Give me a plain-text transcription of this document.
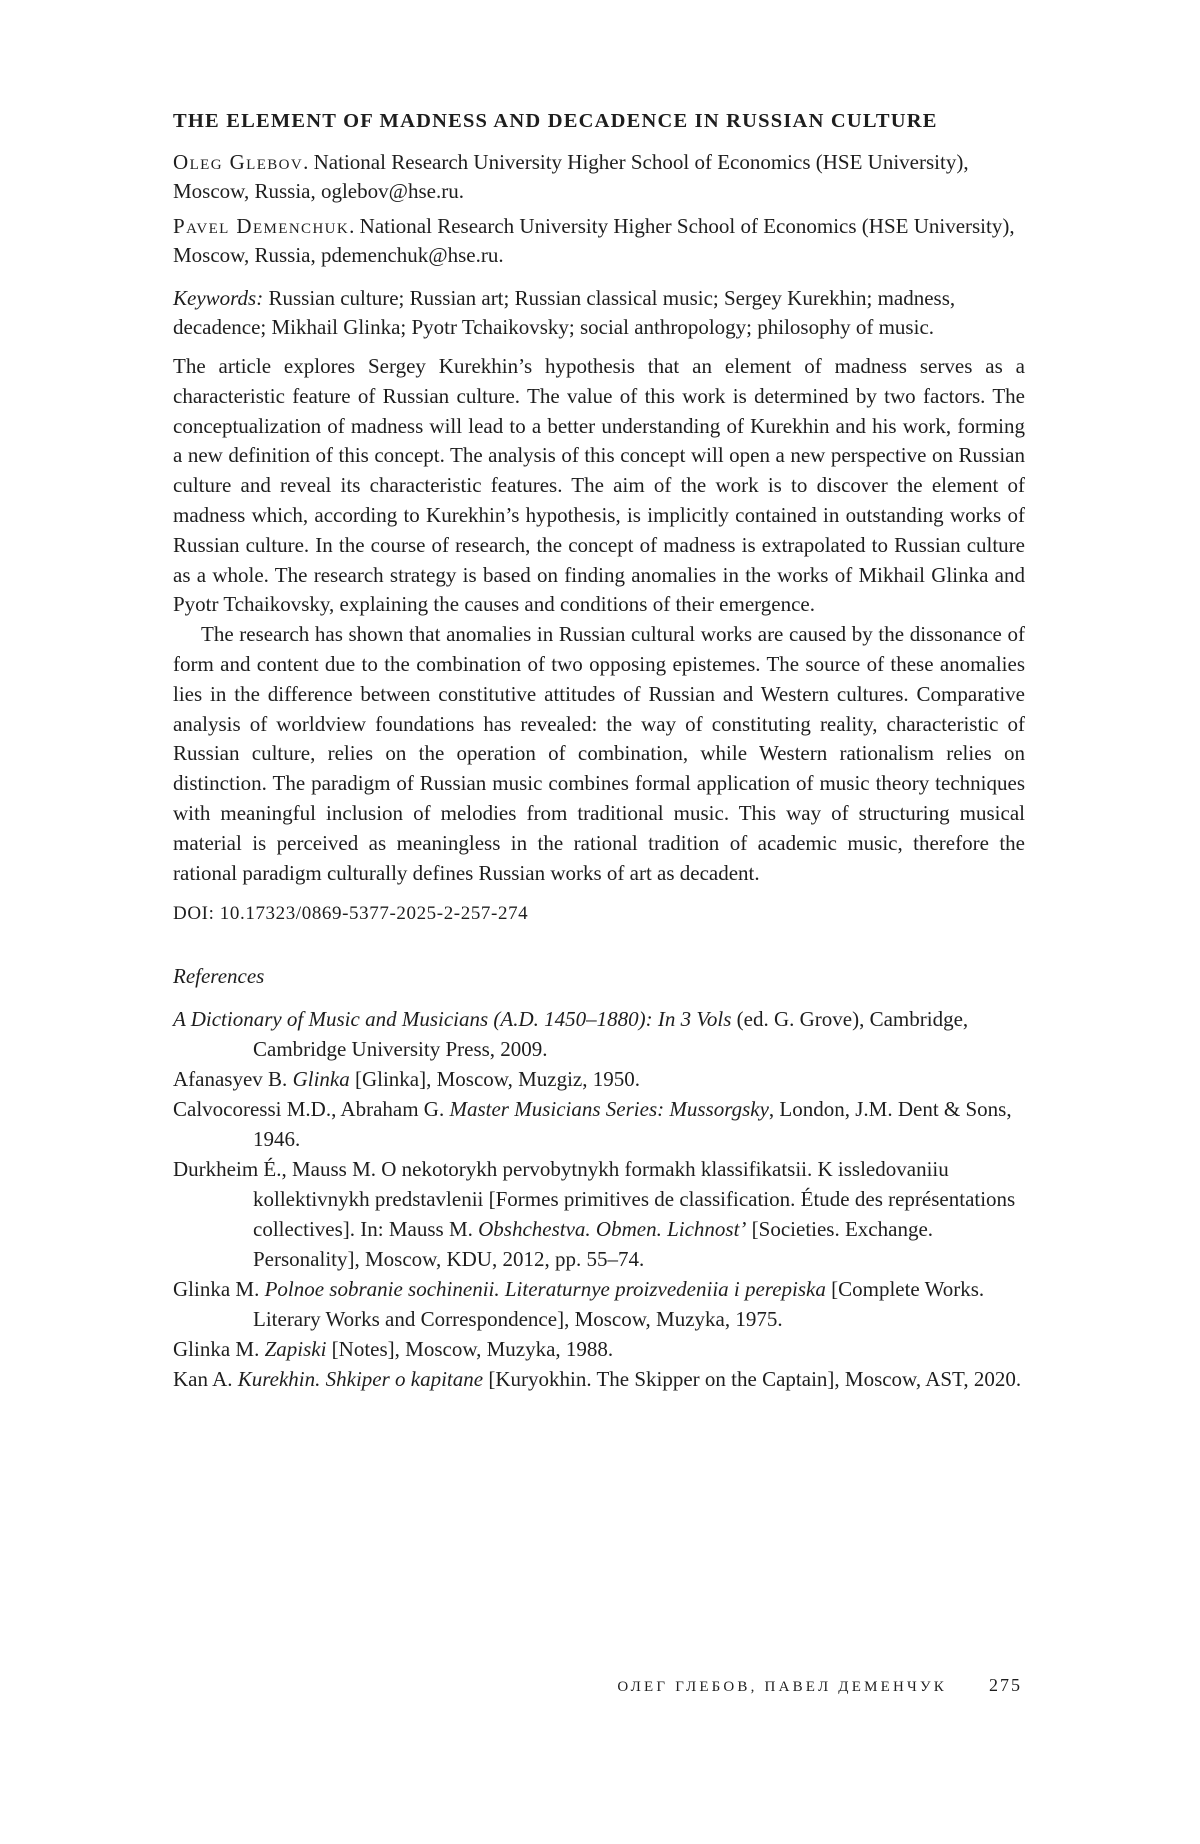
THE ELEMENT OF MADNESS AND DECADENCE IN RUSSIAN CULTURE

Oleg Glebov. National Research University Higher School of Economics (HSE University), Moscow, Russia, oglebov@hse.ru.

Pavel Demenchuk. National Research University Higher School of Economics (HSE University), Moscow, Russia, pdemenchuk@hse.ru.

Keywords: Russian culture; Russian art; Russian classical music; Sergey Kurekhin; madness, decadence; Mikhail Glinka; Pyotr Tchaikovsky; social anthropology; philosophy of music.

The article explores Sergey Kurekhin’s hypothesis that an element of madness serves as a characteristic feature of Russian culture. The value of this work is determined by two factors. The conceptualization of madness will lead to a better understanding of Kurekhin and his work, forming a new definition of this concept. The analysis of this concept will open a new perspective on Russian culture and reveal its characteristic features. The aim of the work is to discover the element of madness which, according to Kurekhin’s hypothesis, is implicitly contained in outstanding works of Russian culture. In the course of research, the concept of madness is extrapolated to Russian culture as a whole. The research strategy is based on finding anomalies in the works of Mikhail Glinka and Pyotr Tchaikovsky, explaining the causes and conditions of their emergence.

The research has shown that anomalies in Russian cultural works are caused by the dissonance of form and content due to the combination of two opposing epistemes. The source of these anomalies lies in the difference between constitutive attitudes of Russian and Western cultures. Comparative analysis of worldview foundations has revealed: the way of constituting reality, characteristic of Russian culture, relies on the operation of combination, while Western rationalism relies on distinction. The paradigm of Russian music combines formal application of music theory techniques with meaningful inclusion of melodies from traditional music. This way of structuring musical material is perceived as meaningless in the rational tradition of academic music, therefore the rational paradigm culturally defines Russian works of art as decadent.

DOI: 10.17323/0869-5377-2025-2-257-274

References

A Dictionary of Music and Musicians (A.D. 1450–1880): In 3 Vols (ed. G. Grove), Cambridge, Cambridge University Press, 2009.
Afanasyev B. Glinka [Glinka], Moscow, Muzgiz, 1950.
Calvocoressi M.D., Abraham G. Master Musicians Series: Mussorgsky, London, J.M. Dent & Sons, 1946.
Durkheim É., Mauss M. O nekotorykh pervobytnykh formakh klassifikatsii. K issledovaniiu kollektivnykh predstavlenii [Formes primitives de classification. Étude des représentations collectives]. In: Mauss M. Obshchestva. Obmen. Lichnost’ [Societies. Exchange. Personality], Moscow, KDU, 2012, pp. 55–74.
Glinka M. Polnoe sobranie sochinenii. Literaturnye proizvedeniia i perepiska [Complete Works. Literary Works and Correspondence], Moscow, Muzyka, 1975.
Glinka M. Zapiski [Notes], Moscow, Muzyka, 1988.
Kan A. Kurekhin. Shkiper o kapitane [Kuryokhin. The Skipper on the Captain], Moscow, AST, 2020.
ОЛЕГ ГЛЕБОВ, ПАВЕЛ ДЕМЕНЧУК 275
